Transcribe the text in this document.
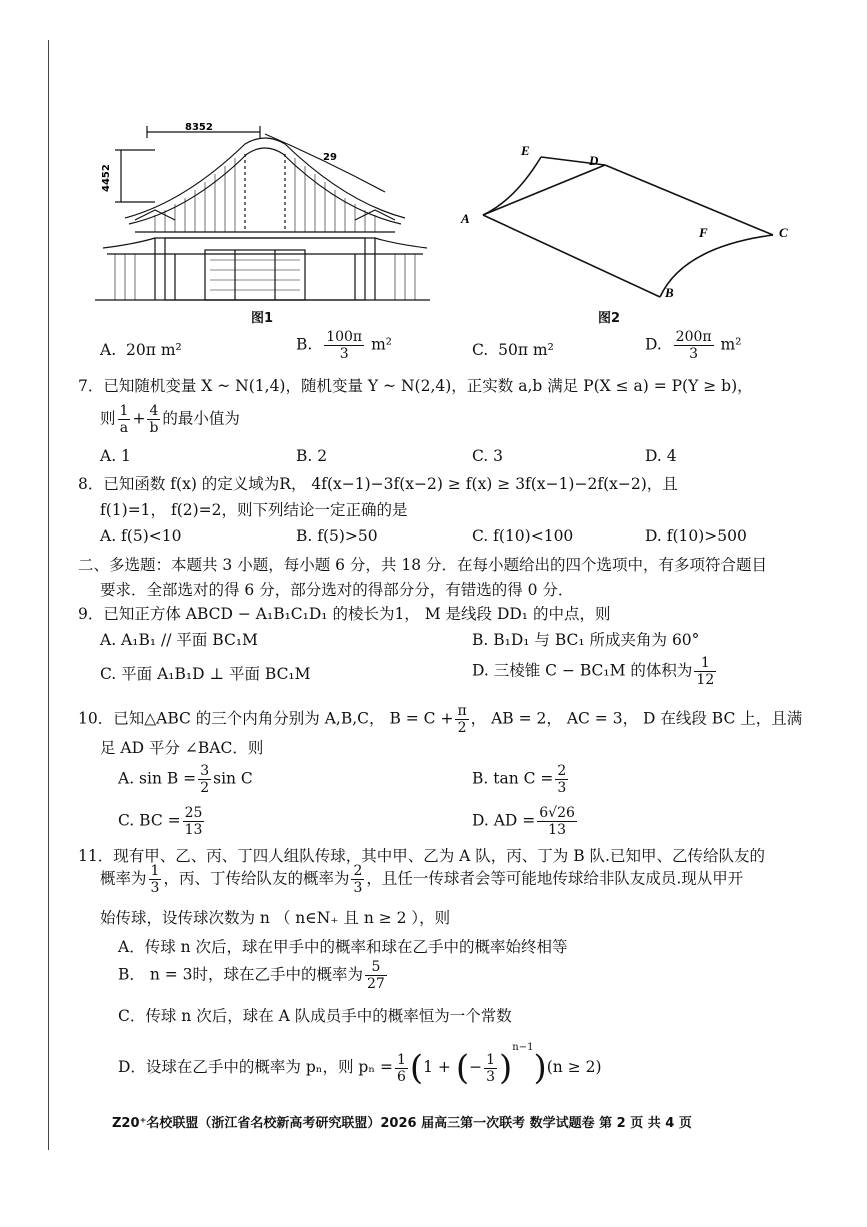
8352
4452
29
图1
E
D
A
F	C
B
图2
A. 20π m²	B. $\frac{100\pi}{3} m^2$	C. 50π m²	D. $\frac{200\pi}{3} m^2$
7．已知随机变量 X ~ N(1,4)，随机变量 Y ~ N(2,4)，正实数 a,b 满足 P(X ≤ a) = P(Y ≥ b)，
则 $\frac{1}{a} + \frac{4}{b}$ 的最小值为
A. 1	B. 2	C. 3	D. 4
8．已知函数 f(x) 的定义域为R， 4f(x−1)−3f(x−2) ≥ f(x) ≥ 3f(x−1)−2f(x−2)，且
f(1)=1， f(2)=2，则下列结论一定正确的是
A. f(5)<10	B. f(5)>50	C. f(10)<100	D. f(10)>500
二、多选题：本题共 3 小题，每小题 6 分，共 18 分．在每小题给出的四个选项中，有多项符合题目
要求．全部选对的得 6 分，部分选对的得部分分，有错选的得 0 分．
9．已知正方体 ABCD − A₁B₁C₁D₁ 的棱长为1， M 是线段 DD₁ 的中点，则
A. A₁B₁ // 平面 BC₁M	B. B₁D₁ 与 BC₁ 所成夹角为 60°
C. 平面 A₁B₁D ⊥ 平面 BC₁M	D. 三棱锥 C − BC₁M 的体积为 $\frac{1}{12}$
10．已知△ABC 的三个内角分别为 A,B,C， $B = C + \frac{\pi}{2}$ ， AB = 2， AC = 3， D 在线段 BC 上，且满
足 AD 平分 ∠BAC．则
A. $\sin B = \frac{3}{2}$ sin C	B. $\tan C = \frac{2}{3}$
C. BC = $\frac{25}{13}$	D. AD = $\frac{6√26}{13}$
11．现有甲、乙、丙、丁四人组队传球，其中甲、乙为 A 队，丙、丁为 B 队.已知甲、乙传给队友的
概率为 $\frac{1}{3}$ ，丙、丁传给队友的概率为 $\frac{2}{3}$ ，且任一传球者会等可能地传球给非队友成员.现从甲开
始传球，设传球次数为 n （ n∈N₊ 且 n ≥ 2 ），则
A．传球 n 次后，球在甲手中的概率和球在乙手中的概率始终相等
B． n = 3时，球在乙手中的概率为 $\frac{5}{27}$
C．传球 n 次后，球在 A 队成员手中的概率恒为一个常数
D．设球在乙手中的概率为 pₙ，则 $p_n = \frac{1}{6} (1$ + (− $\frac{1}{3} )^{n-1})(n \ge 2)$
Z20⁺名校联盟（浙江省名校新高考研究联盟）2026 届高三第一次联考 数学试题卷 第 2 页 共 4 页
